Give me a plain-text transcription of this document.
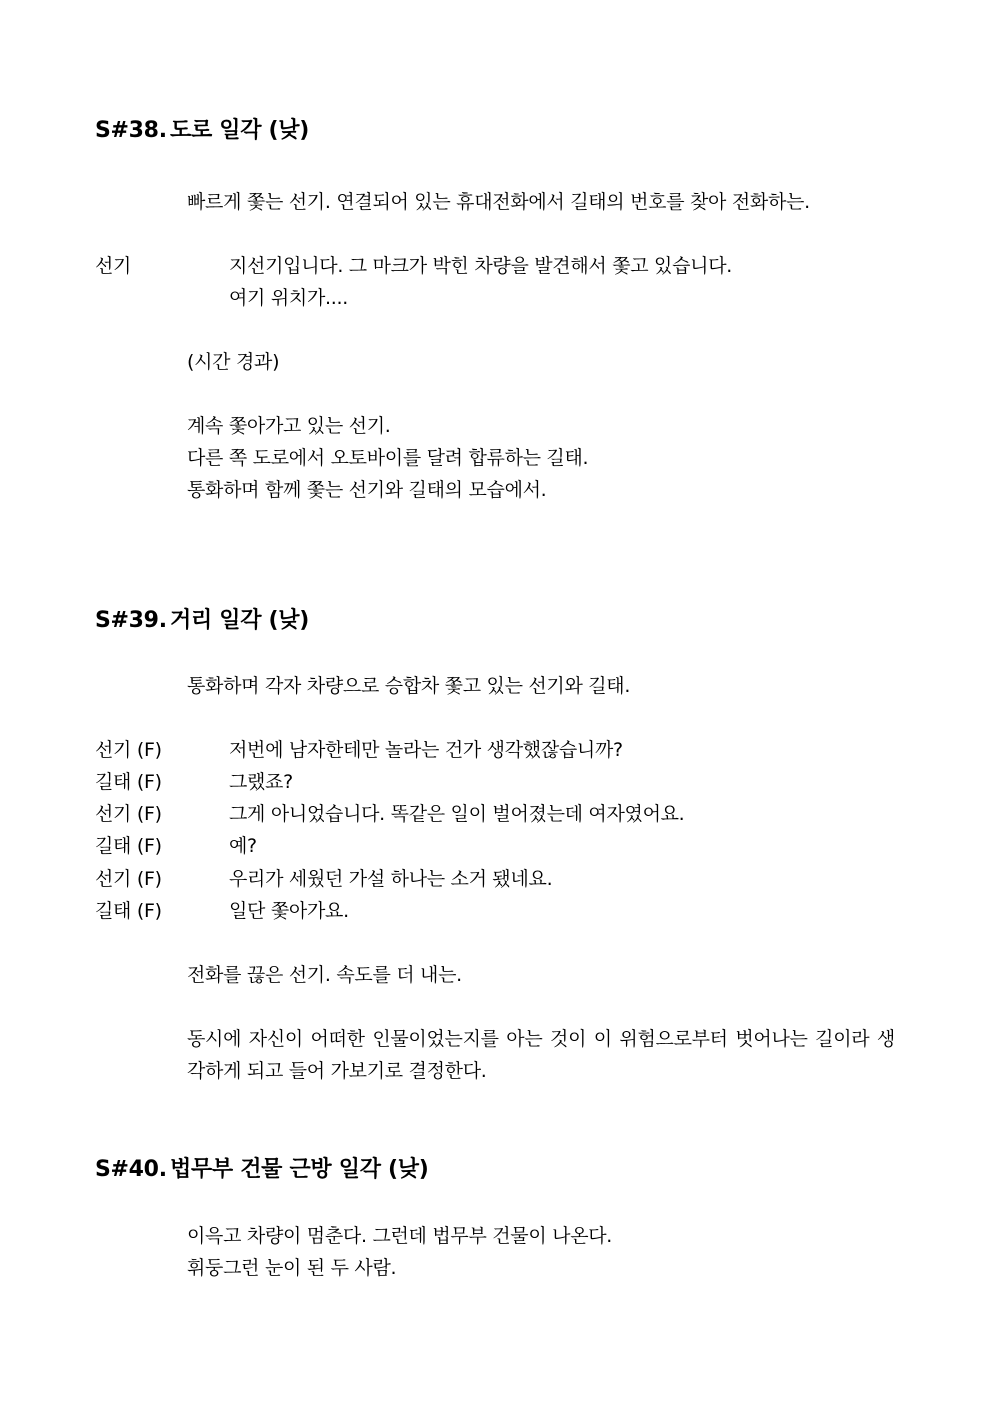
S#38. 도로 일각 (낮)
빠르게 쫓는 선기. 연결되어 있는 휴대전화에서 길태의 번호를 찾아 전화하는.
선기	지선기입니다. 그 마크가 박힌 차량을 발견해서 쫓고 있습니다.
여기 위치가....
(시간 경과)
계속 쫓아가고 있는 선기.
다른 쪽 도로에서 오토바이를 달려 합류하는 길태.
통화하며 함께 쫓는 선기와 길태의 모습에서.
S#39. 거리 일각 (낮)
통화하며 각자 차량으로 승합차 쫓고 있는 선기와 길태.
선기 (F)	저번에 남자한테만 놀라는 건가 생각했잖습니까?
길태 (F)	그랬죠?
선기 (F)	그게 아니었습니다. 똑같은 일이 벌어졌는데 여자였어요.
길태 (F)	예?
선기 (F)	우리가 세웠던 가설 하나는 소거 됐네요.
길태 (F)	일단 쫓아가요.
전화를 끊은 선기. 속도를 더 내는.
동시에 자신이 어떠한 인물이었는지를 아는 것이 이 위험으로부터 벗어나는 길이라 생
각하게 되고 들어 가보기로 결정한다.
S#40. 법무부 건물 근방 일각 (낮)
이윽고 차량이 멈춘다. 그런데 법무부 건물이 나온다.
휘둥그런 눈이 된 두 사람.
